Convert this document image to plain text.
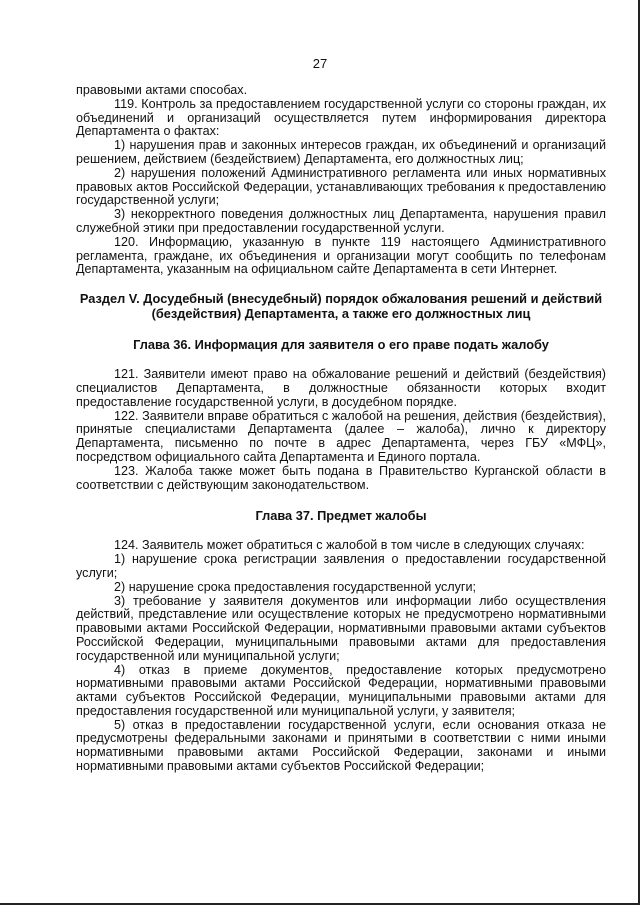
27

правовыми актами способах.

119. Контроль за предоставлением государственной услуги со стороны граждан, их объединений и организаций осуществляется путем информирования директора Департамента о фактах:

1) нарушения прав и законных интересов граждан, их объединений и организаций решением, действием (бездействием) Департамента, его должностных лиц;

2) нарушения положений Административного регламента или иных нормативных правовых актов Российской Федерации, устанавливающих требования к предоставлению государственной услуги;

3) некорректного поведения должностных лиц Департамента, нарушения правил служебной этики при предоставлении государственной услуги.

120. Информацию, указанную в пункте 119 настоящего Административного регламента, граждане, их объединения и организации могут сообщить по телефонам Департамента, указанным на официальном сайте Департамента в сети Интернет.

Раздел V. Досудебный (внесудебный) порядок обжалования решений и действий (бездействия) Департамента, а также его должностных лиц
Глава 36. Информация для заявителя о его праве подать жалобу

121. Заявители имеют право на обжалование решений и действий (бездействия) специалистов Департамента, в должностные обязанности которых входит предоставление государственной услуги, в досудебном порядке.

122. Заявители вправе обратиться с жалобой на решения, действия (бездействия), принятые специалистами Департамента (далее – жалоба), лично к директору Департамента, письменно по почте в адрес Департамента, через ГБУ «МФЦ», посредством официального сайта Департамента и Единого портала.

123. Жалоба также может быть подана в Правительство Курганской области в соответствии с действующим законодательством.

Глава 37. Предмет жалобы

124. Заявитель может обратиться с жалобой в том числе в следующих случаях:

1) нарушение срока регистрации заявления о предоставлении государственной услуги;

2) нарушение срока предоставления государственной услуги;

3) требование у заявителя документов или информации либо осуществления действий, представление или осуществление которых не предусмотрено нормативными правовыми актами Российской Федерации, нормативными правовыми актами субъектов Российской Федерации, муниципальными правовыми актами для предоставления государственной или муниципальной услуги;

4) отказ в приеме документов, предоставление которых предусмотрено нормативными правовыми актами Российской Федерации, нормативными правовыми актами субъектов Российской Федерации, муниципальными правовыми актами для предоставления государственной или муниципальной услуги, у заявителя;

5) отказ в предоставлении государственной услуги, если основания отказа не предусмотрены федеральными законами и принятыми в соответствии с ними иными нормативными правовыми актами Российской Федерации, законами и иными нормативными правовыми актами субъектов Российской Федерации;
